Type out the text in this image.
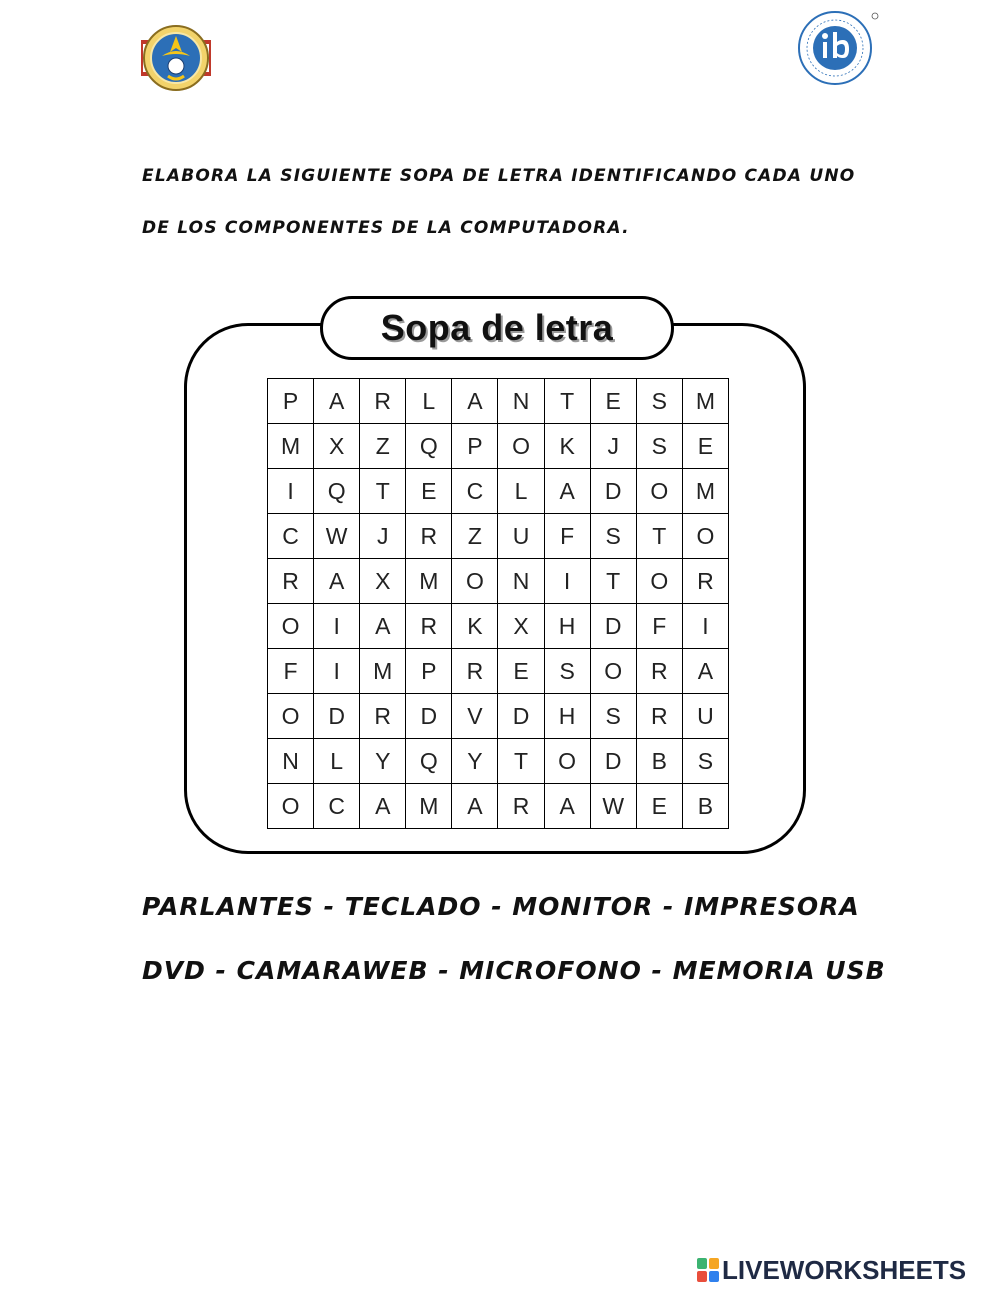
ELABORA LA SIGUIENTE SOPA DE LETRA IDENTIFICANDO CADA UNO
DE LOS COMPONENTES DE LA COMPUTADORA.
Sopa de letra
P	A	R	L	A	N	T	E	S	M
M	X	Z	Q	P	O	K	J	S	E
I	Q	T	E	C	L	A	D	O	M
C	W	J	R	Z	U	F	S	T	O
R	A	X	M	O	N	I	T	O	R
O	I	A	R	K	X	H	D	F	I
F	I	M	P	R	E	S	O	R	A
O	D	R	D	V	D	H	S	R	U
N	L	Y	Q	Y	T	O	D	B	S
O	C	A	M	A	R	A	W	E	B
PARLANTES - TECLADO - MONITOR - IMPRESORA
DVD - CAMARAWEB - MICROFONO - MEMORIA USB
LIVEWORKSHEETS
